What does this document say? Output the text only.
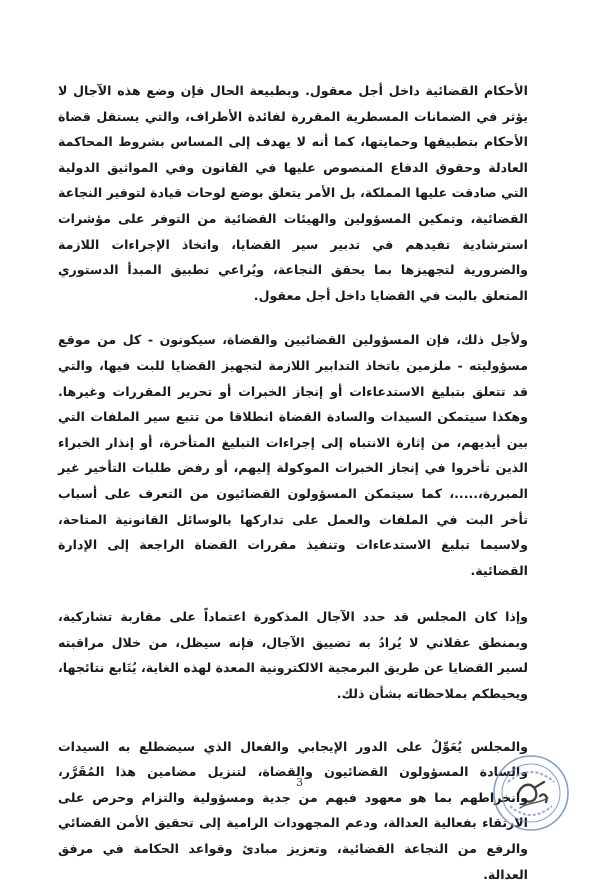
الأحكام القضائية داخل أجل معقول. وبطبيعة الحال فإن وضع هذه الآجال لا يؤثر في الضمانات المسطرية المقررة لفائدة الأطراف، والتي يستقل قضاة الأحكام بتطبيقها وحمايتها، كما أنه لا يهدف إلى المساس بشروط المحاكمة العادلة وحقوق الدفاع المنصوص عليها في القانون وفي المواثيق الدولية التي صادقت عليها المملكة، بل الأمر يتعلق بوضع لوحات قيادة لتوفير النجاعة القضائية، وتمكين المسؤولين والهيئات القضائية من التوفر على مؤشرات استرشادية تفيدهم في تدبير سير القضايا، واتخاذ الإجراءات اللازمة والضرورية لتجهيزها بما يحقق النجاعة، ويُراعي تطبيق المبدأ الدستوري المتعلق بالبت في القضايا داخل أجل معقول.

ولأجل ذلك، فإن المسؤولين القضائيين والقضاة، سيكونون - كل من موقع مسؤوليته - ملزمين باتخاذ التدابير اللازمة لتجهيز القضايا للبت فيها، والتي قد تتعلق بتبليغ الاستدعاءات أو إنجاز الخبرات أو تحرير المقررات وغيرها. وهكذا سيتمكن السيدات والسادة القضاة انطلاقا من تتبع سير الملفات التي بين أيديهم، من إثارة الانتباه إلى إجراءات التبليغ المتأخرة، أو إنذار الخبراء الذين تأخروا في إنجاز الخبرات الموكولة إليهم، أو رفض طلبات التأخير غير المبررة،.....، كما سيتمكن المسؤولون القضائيون من التعرف على أسباب تأخر البت في الملفات والعمل على تداركها بالوسائل القانونية المتاحة، ولاسيما تبليغ الاستدعاءات وتنفيذ مقررات القضاة الراجعة إلى الإدارة القضائية.

وإذا كان المجلس قد حدد الآجال المذكورة اعتماداً على مقاربة تشاركية، وبمنطق عقلاني لا يُرادُ به تضييق الآجال، فإنه سيظل، من خلال مراقبته لسير القضايا عن طريق البرمجية الالكترونية المعدة لهذه الغاية، يُتَابع نتائجها، ويحيطكم بملاحظاته بشأن ذلك.

والمجلس يُعَوِّلُ على الدور الإيجابي والفعال الذي سيضطلع به السيدات والسادة المسؤولون القضائيون والقضاة، لتنزيل مضامين هذا المُقَرَّر، وانخراطهم بما هو معهود فيهم من جدية ومسؤولية والتزام وحرص على الارتقاء بفعالية العدالة، ودعم المجهودات الرامية إلى تحقيق الأمن القضائي والرفع من النجاعة القضائية، وتعزيز مبادئ وقواعد الحكامة في مرفق العدالة.

3
